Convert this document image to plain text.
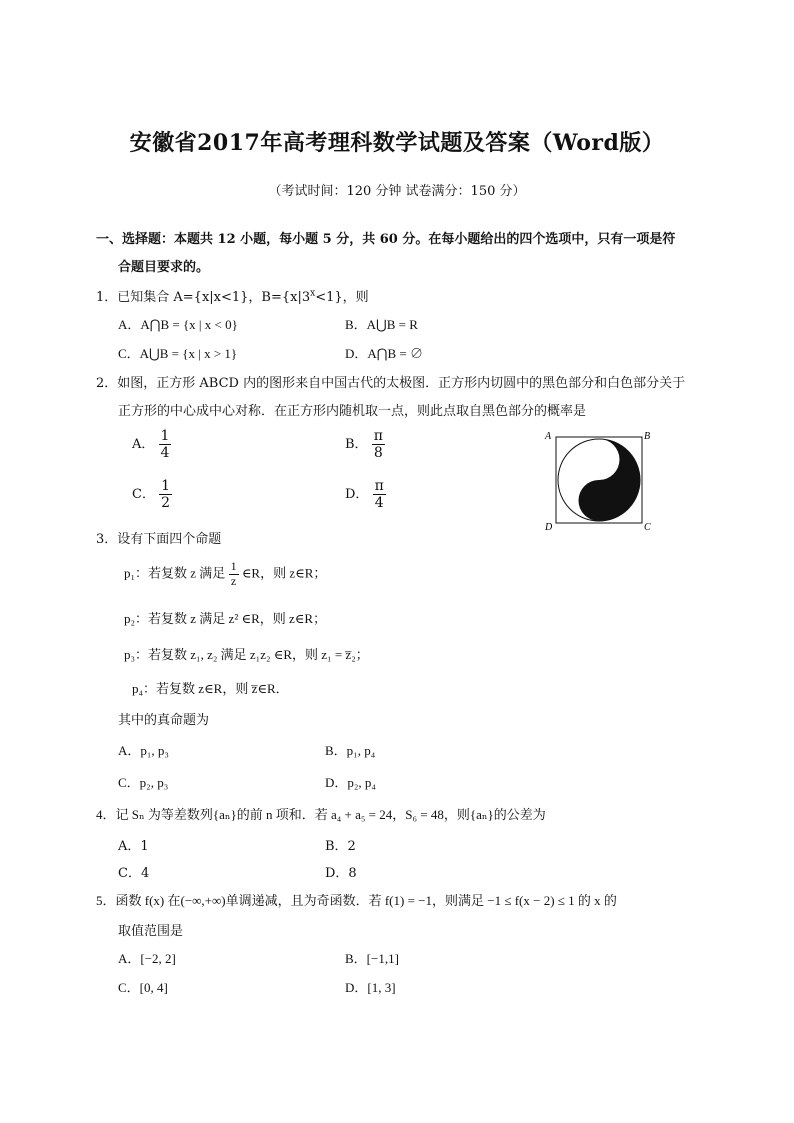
安徽省2017年高考理科数学试题及答案（Word版）
（考试时间：120 分钟 试卷满分：150 分）
一、选择题：本题共 12 小题，每小题 5 分，共 60 分。在每小题给出的四个选项中，只有一项是符
合题目要求的。
1．已知集合 A={x|x<1}，$B=\{x|3^x<1\}$，则
A．A⋂B = {x | x < 0}	B．A⋃B = R
C．A⋃B = {x | x > 1}	D．A⋂B = ∅
2．如图，正方形 ABCD 内的图形来自中国古代的太极图．正方形内切圆中的黑色部分和白色部分关于
正方形的中心成中心对称．在正方形内随机取一点，则此点取自黑色部分的概率是
A． $\frac{1}{4}$	B． $\frac{\pi}{8}$
C． $\frac{1}{2}$	D． $\frac{\pi}{4}$
A	B
C
D
3．设有下面四个命题
p₁：若复数 z 满足 $\frac{1}{z}$ ∈R，则 z∈R；
p₂：若复数 z 满足 z² ∈R，则 z∈R；
p₃：若复数 z₁, z₂ 满足 z₁z₂ ∈R，则 z₁ = z̅₂；
p₄：若复数 z∈R，则 z̅∈R．
其中的真命题为
A．p₁, p₃	B．p₁, p₄
C．p₂, p₃	D．p₂, p₄
4．记 Sₙ 为等差数列{aₙ}的前 n 项和．若 a₄ + a₅ = 24，S₆ = 48，则{aₙ}的公差为
A．1	B．2
C．4	D．8
5．函数 f(x) 在(−∞,+∞)单调递减，且为奇函数．若 f(1) = −1，则满足 −1 ≤ f(x − 2) ≤ 1 的 x 的
取值范围是
A．[−2, 2]	B．[−1,1]
C．[0, 4]	D．[1, 3]
